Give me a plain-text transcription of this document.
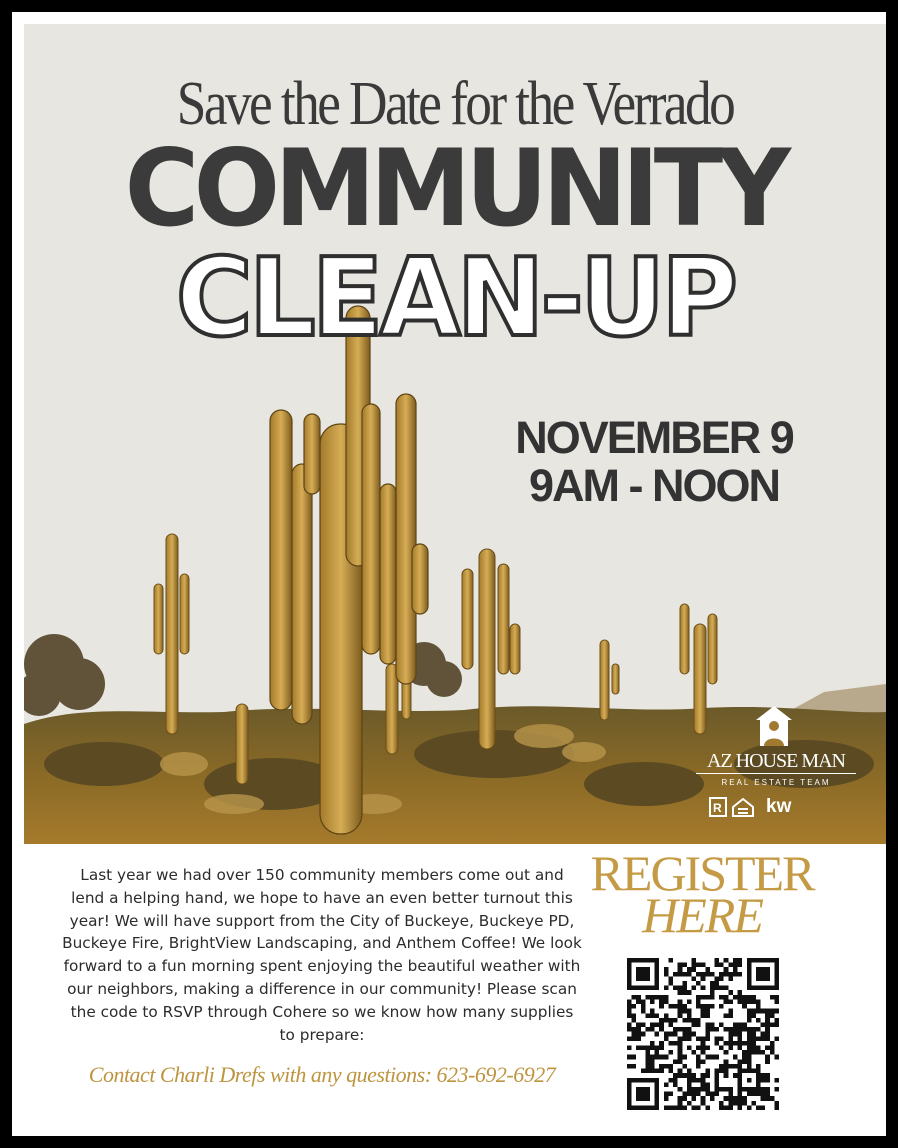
Save the Date for the Verrado
COMMUNITY
CLEAN-UP
NOVEMBER 9
9AM - NOON
AZ HOUSE MAN
REAL ESTATE TEAM
R kw
Last year we had over 150 community members come out and lend a helping hand, we hope to have an even better turnout this year! We will have support from the City of Buckeye, Buckeye PD, Buckeye Fire, BrightView Landscaping, and Anthem Coffee! We look forward to a fun morning spent enjoying the beautiful weather with our neighbors, making a difference in our community! Please scan the code to RSVP through Cohere so we know how many supplies to prepare:
Contact Charli Drefs with any questions: 623-692-6927
REGISTER
HERE
